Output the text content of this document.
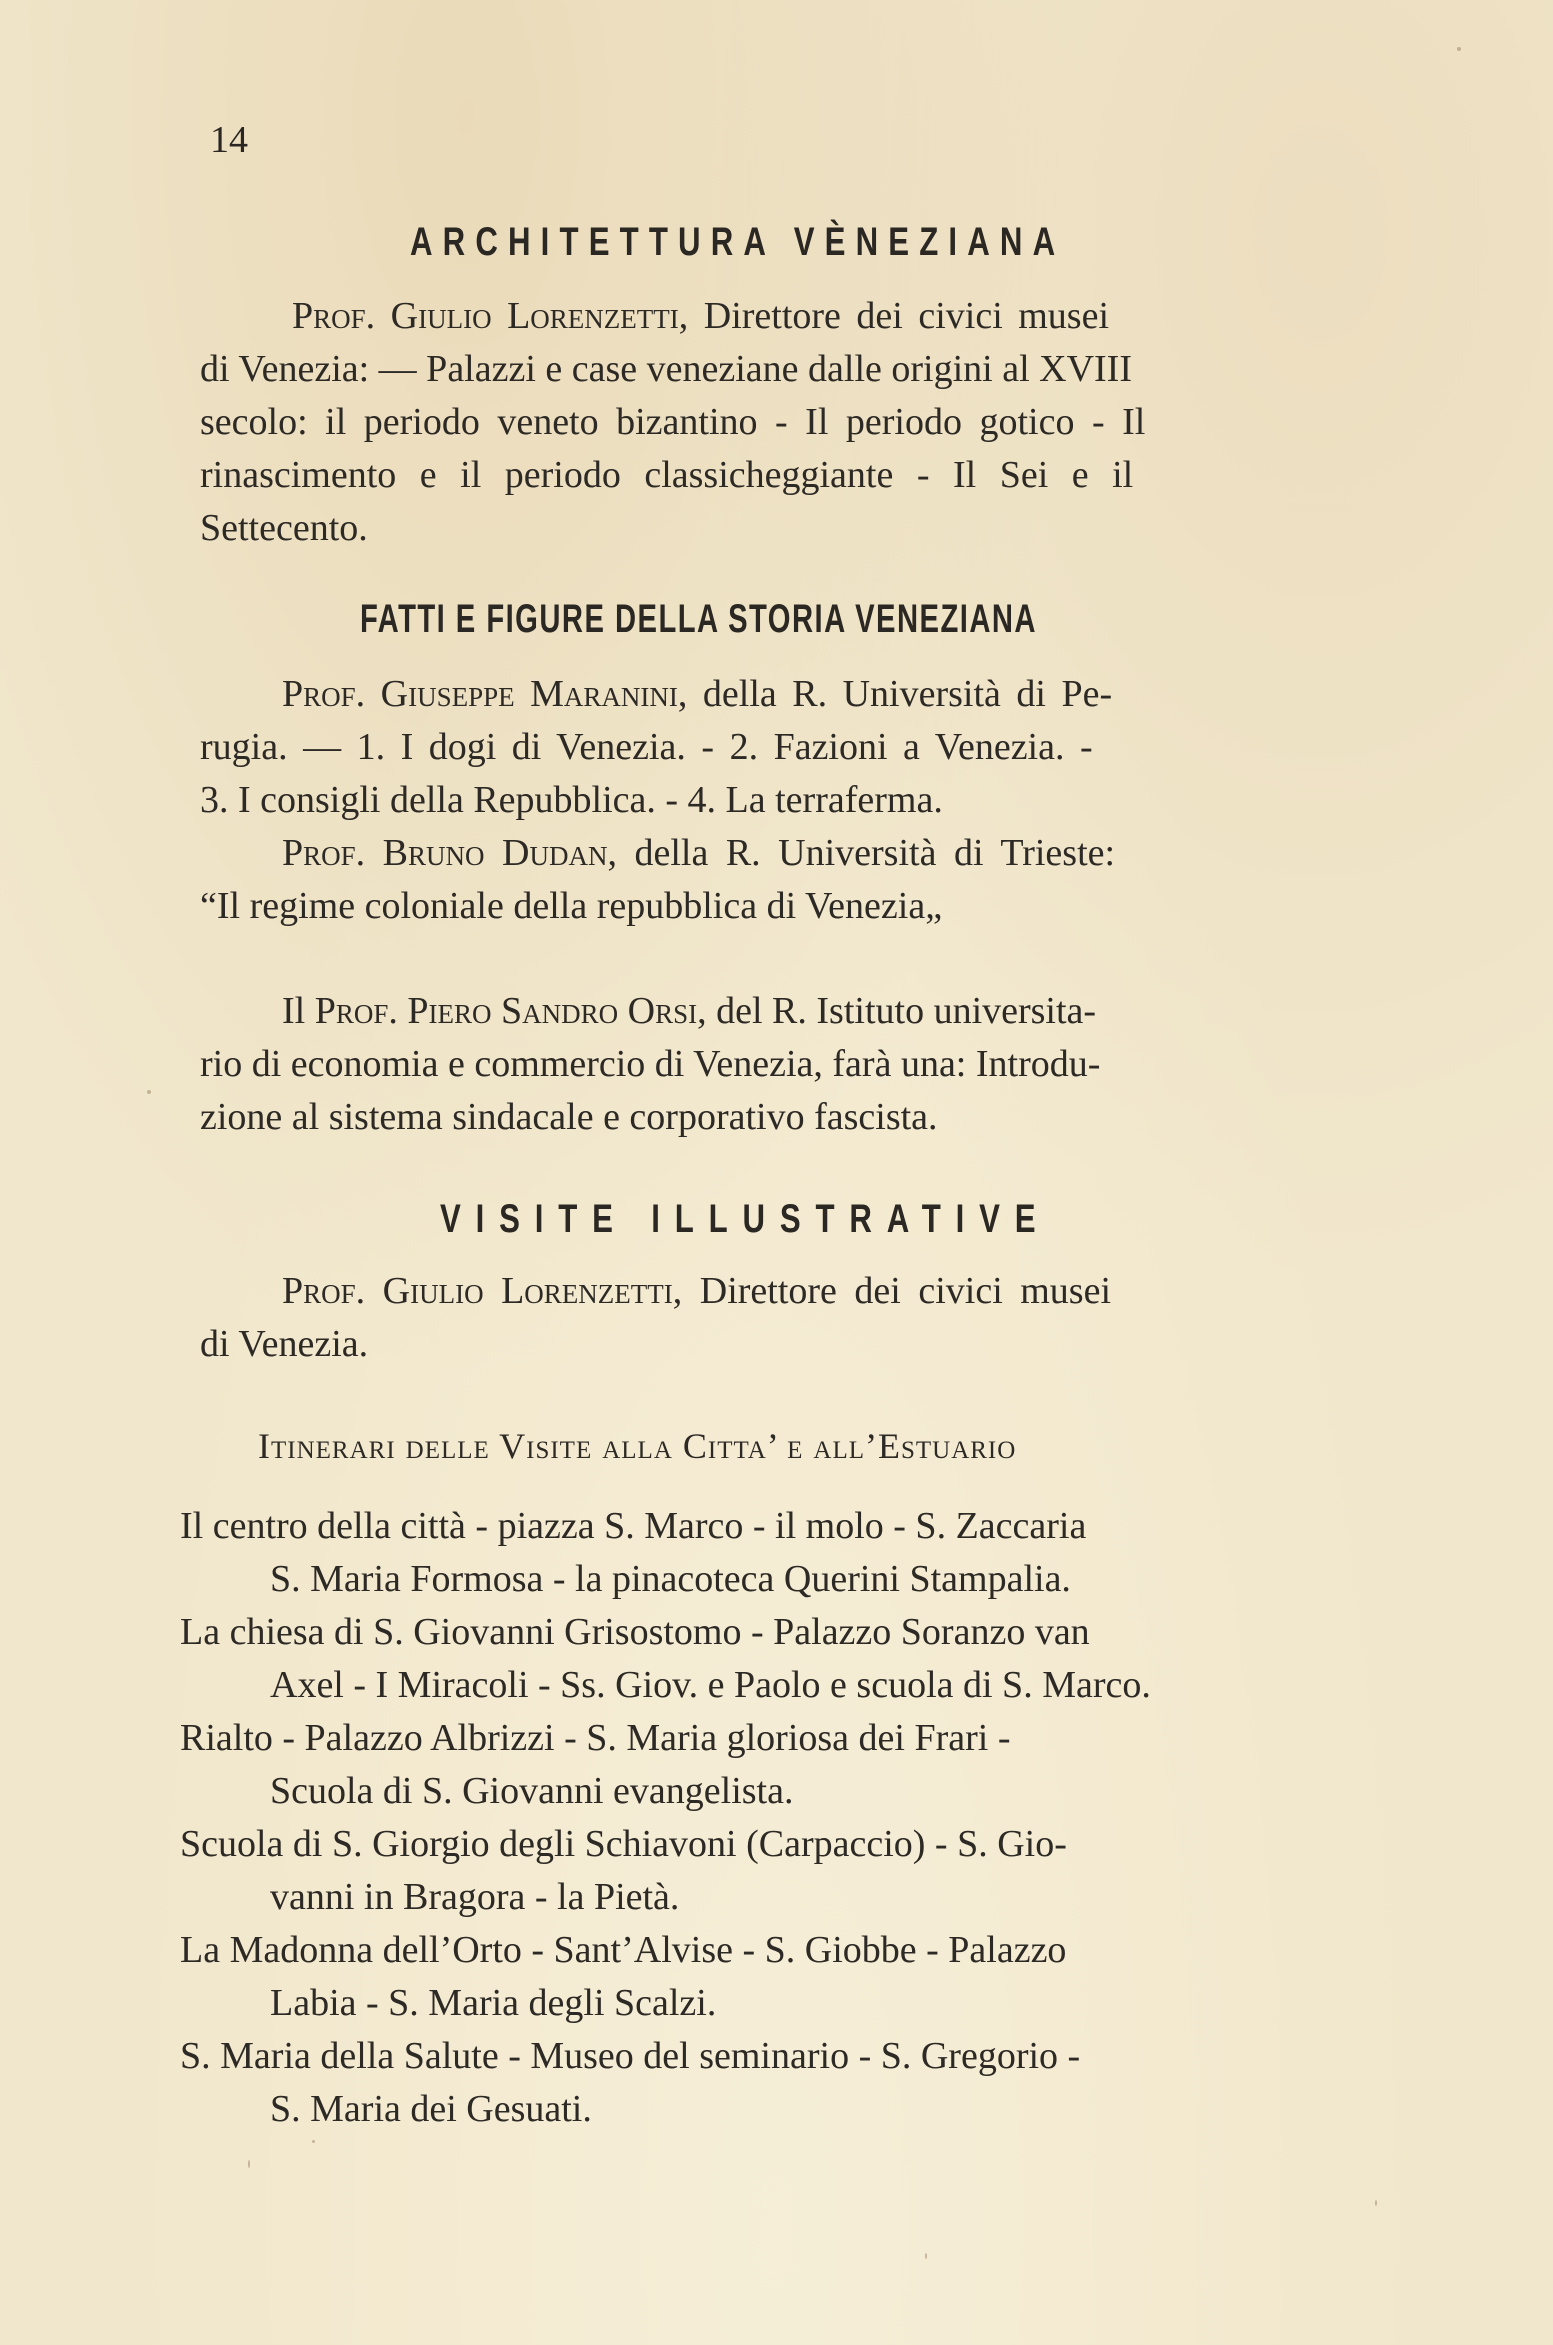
14
ARCHITETTURA VÈNEZIANA
Prof. Giulio Lorenzetti, Direttore dei civici musei
di Venezia: — Palazzi e case veneziane dalle origini al XVIII
secolo: il periodo veneto bizantino - Il periodo gotico - Il
rinascimento e il periodo classicheggiante - Il Sei e il
Settecento.
FATTI E FIGURE DELLA STORIA VENEZIANA
Prof. Giuseppe Maranini, della R. Università di Pe-
rugia. — 1. I dogi di Venezia. - 2. Fazioni a Venezia. -
3. I consigli della Repubblica. - 4. La terraferma.
Prof. Bruno Dudan, della R. Università di Trieste:
“Il regime coloniale della repubblica di Venezia„
Il Prof. Piero Sandro Orsi, del R. Istituto universita-
rio di economia e commercio di Venezia, farà una: Introdu-
zione al sistema sindacale e corporativo fascista.
VISITE ILLUSTRATIVE
Prof. Giulio Lorenzetti, Direttore dei civici musei
di Venezia.
Itinerari delle Visite alla Citta’ e all’Estuario
Il centro della città - piazza S. Marco - il molo - S. Zaccaria
S. Maria Formosa - la pinacoteca Querini Stampalia.
La chiesa di S. Giovanni Grisostomo - Palazzo Soranzo van
Axel - I Miracoli - Ss. Giov. e Paolo e scuola di S. Marco.
Rialto - Palazzo Albrizzi - S. Maria gloriosa dei Frari -
Scuola di S. Giovanni evangelista.
Scuola di S. Giorgio degli Schiavoni (Carpaccio) - S. Gio-
vanni in Bragora - la Pietà.
La Madonna dell’Orto - Sant’Alvise - S. Giobbe - Palazzo
Labia - S. Maria degli Scalzi.
S. Maria della Salute - Museo del seminario - S. Gregorio -
S. Maria dei Gesuati.
